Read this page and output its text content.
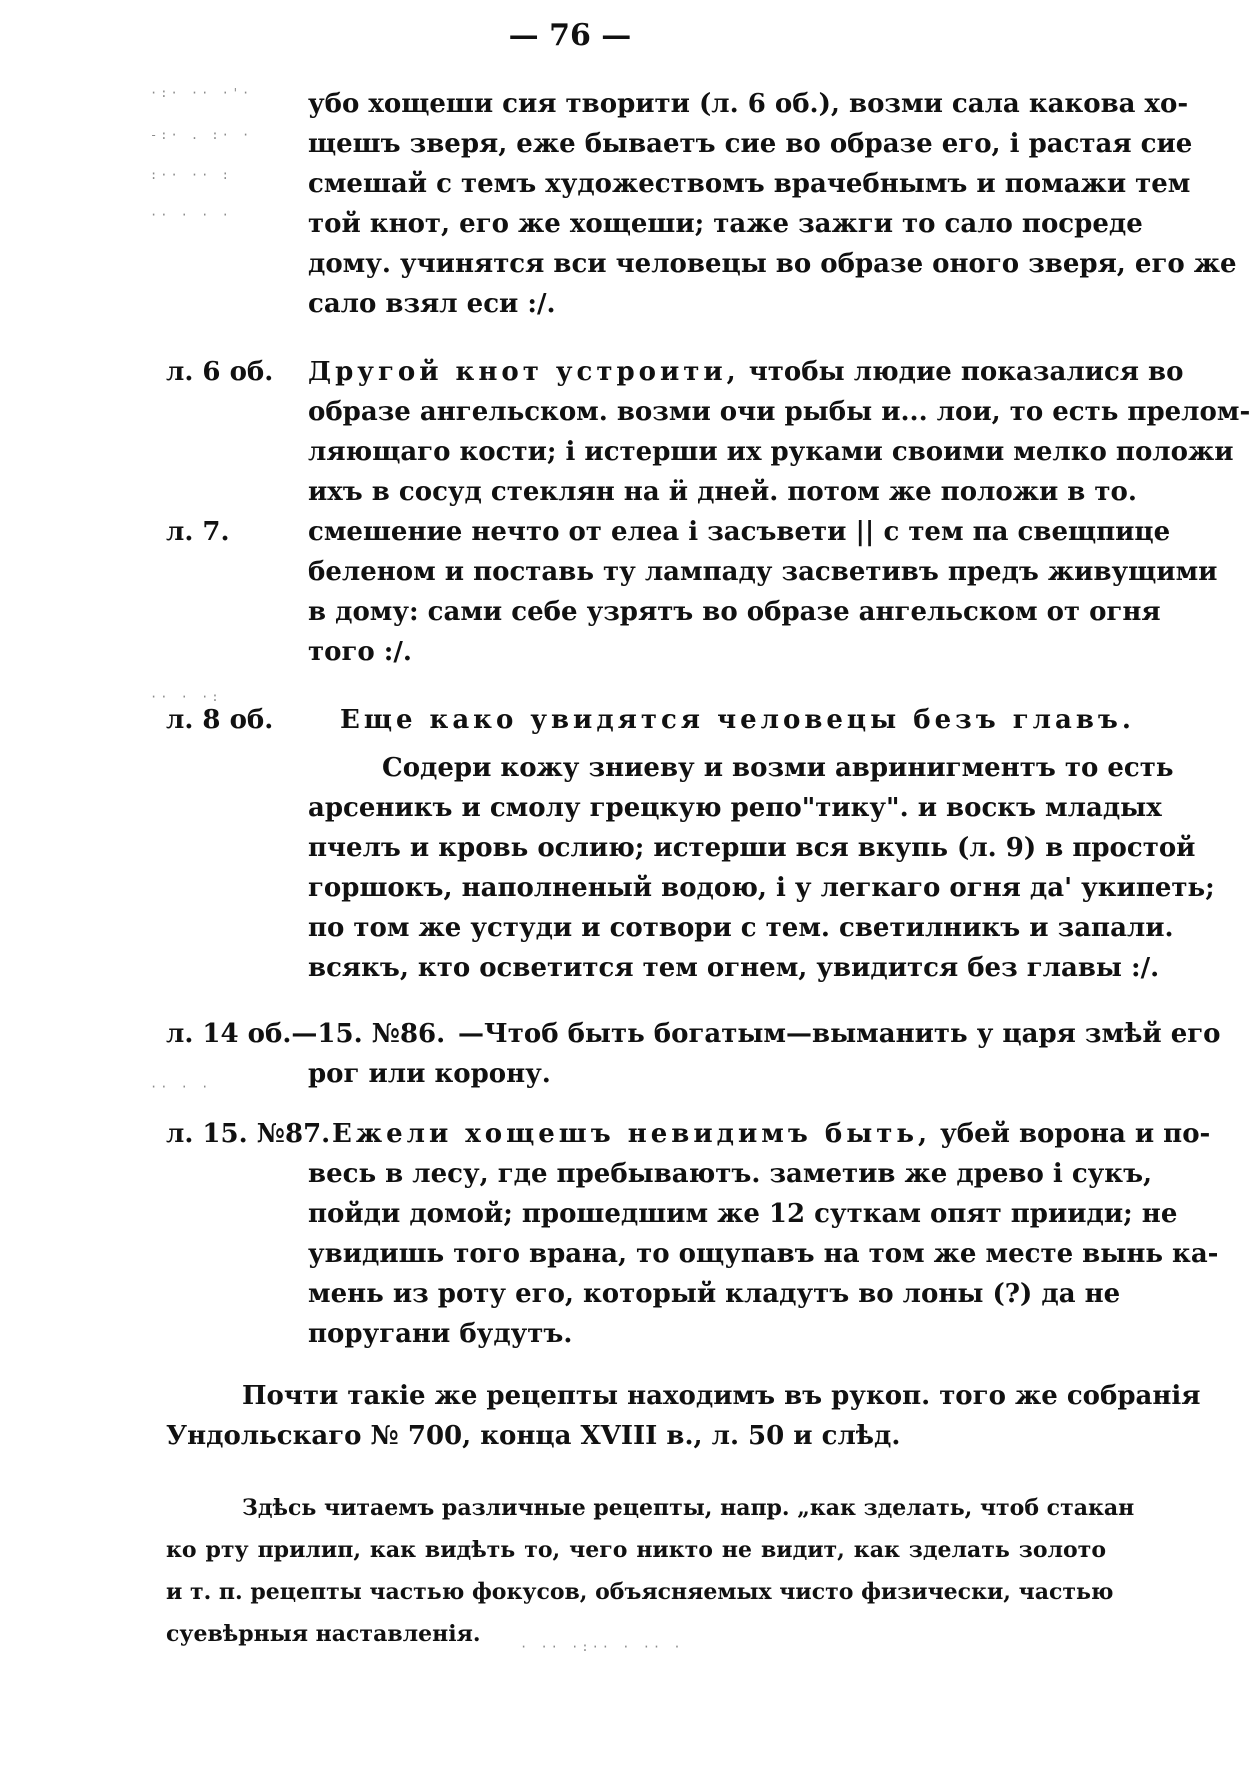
— 76 —
·:· ·· ·'·
-:· . :· ·
:·· ·· :
·· · · ·
·· · ·:
·· · ·
убо хощеши сия творити (л. 6 об.), возми сала какова хо-
щешъ зверя, еже бываетъ сие во образе его, і растая сие
смешай с темъ художествомъ врачебнымъ и помажи тем
той кнот, его же хощеши; таже зажги то сало посреде
дому. учинятся вси человецы во образе оного зверя, его же
сало взял еси :/.
л. 6 об. Другой кнот устроити, чтобы людие показалися во
образе ангельском. возми очи рыбы и... лои, то есть прелом-
ляющаго кости; і истерши их руками своими мелко положи
ихъ в сосуд стеклян на ӥ дней. потом же положи в то.
л. 7.	смешение нечто от елеа і засъвети || с тем па свещпице
беленом и поставь ту лампаду засветивъ предъ живущими
в дому: сами себе узрятъ во образе ангельском от огня
того :/.
л. 8 об.	Еще како увидятся человецы безъ главъ.
Содери кожу зниеву и возми авринигментъ то есть
арсеникъ и смолу грецкую репо"тику". и воскъ младых
пчелъ и кровь ослию; истерши вся вкупь (л. 9) в простой
горшокъ, наполненый водою, і у легкаго огня да' укипеть;
по том же устуди и сотвори с тем. светилникъ и запали.
всякъ, кто осветится тем огнем, увидится без главы :/.
л. 14 об.—15. №86. —Чтоб быть богатым—выманить у царя змѣй его
рог или корону.
л. 15. №87. Ежели хощешъ невидимъ быть, убей ворона и по-
весь в лесу, где пребываютъ. заметив же древо і сукъ,
пойди домой; прошедшим же 12 суткам опят прииди; не
увидишь того врана, то ощупавъ на том же месте вынь ка-
мень из роту его, который кладутъ во лоны (?) да не
поругани будутъ.
Почти такіе же рецепты находимъ въ рукоп. того же собранія
Ундольскаго № 700, конца XVIII в., л. 50 и слѣд.
Здѣсь читаемъ различные рецепты, напр. „как зделать, чтоб стакан
ко рту прилип, как видѣть то, чего никто не видит, как зделать золото
и т. п. рецепты частью фокусов, объясняемых чисто физически, частью
суевѣрныя наставленія.	· ·· ·:·· · ·· ·
